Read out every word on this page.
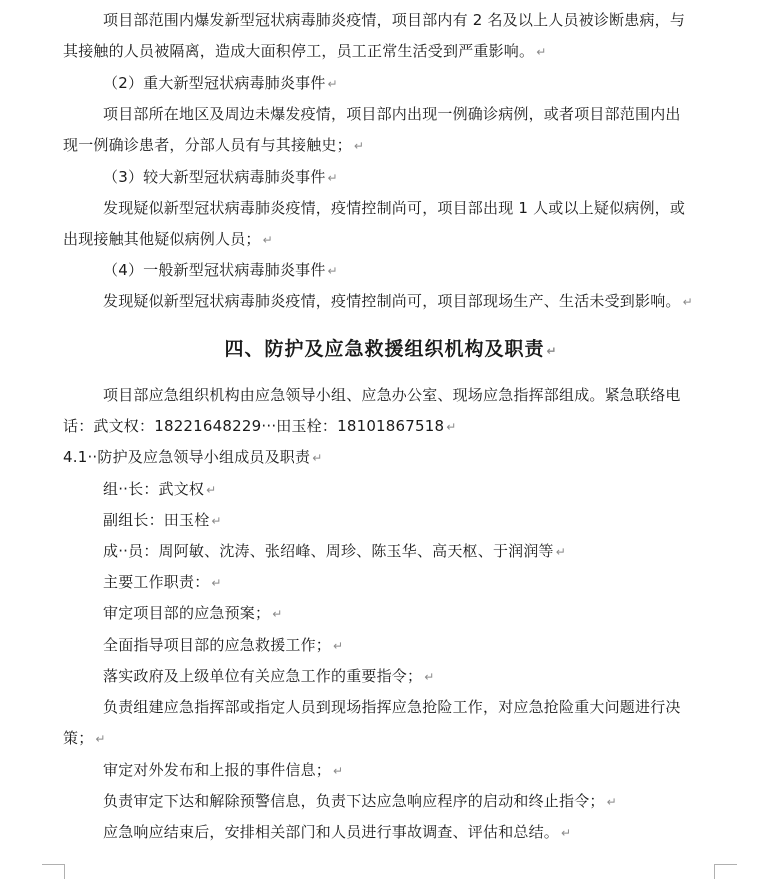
项目部范围内爆发新型冠状病毒肺炎疫情，项目部内有 2 名及以上人员被诊断患病，与
其接触的人员被隔离，造成大面积停工，员工正常生活受到严重影响。 ↵
（2）重大新型冠状病毒肺炎事件 ↵
项目部所在地区及周边未爆发疫情，项目部内出现一例确诊病例，或者项目部范围内出
现一例确诊患者，分部人员有与其接触史； ↵
（3）较大新型冠状病毒肺炎事件 ↵
发现疑似新型冠状病毒肺炎疫情，疫情控制尚可，项目部出现 1 人或以上疑似病例，或
出现接触其他疑似病例人员； ↵
（4）一般新型冠状病毒肺炎事件 ↵
发现疑似新型冠状病毒肺炎疫情，疫情控制尚可，项目部现场生产、生活未受到影响。 ↵
四、防护及应急救援组织机构及职责 ↵
项目部应急组织机构由应急领导小组、应急办公室、现场应急指挥部组成。紧急联络电
话：武文权：18221648229···田玉栓：18101867518 ↵
4.1··防护及应急领导小组成员及职责 ↵
组··长：武文权 ↵
副组长：田玉栓 ↵
成··员：周阿敏、沈涛、张绍峰、周珍、陈玉华、高天枢、于润润等 ↵
主要工作职责： ↵
审定项目部的应急预案； ↵
全面指导项目部的应急救援工作； ↵
落实政府及上级单位有关应急工作的重要指令； ↵
负责组建应急指挥部或指定人员到现场指挥应急抢险工作，对应急抢险重大问题进行决
策； ↵
审定对外发布和上报的事件信息； ↵
负责审定下达和解除预警信息，负责下达应急响应程序的启动和终止指令； ↵
应急响应结束后，安排相关部门和人员进行事故调查、评估和总结。 ↵
